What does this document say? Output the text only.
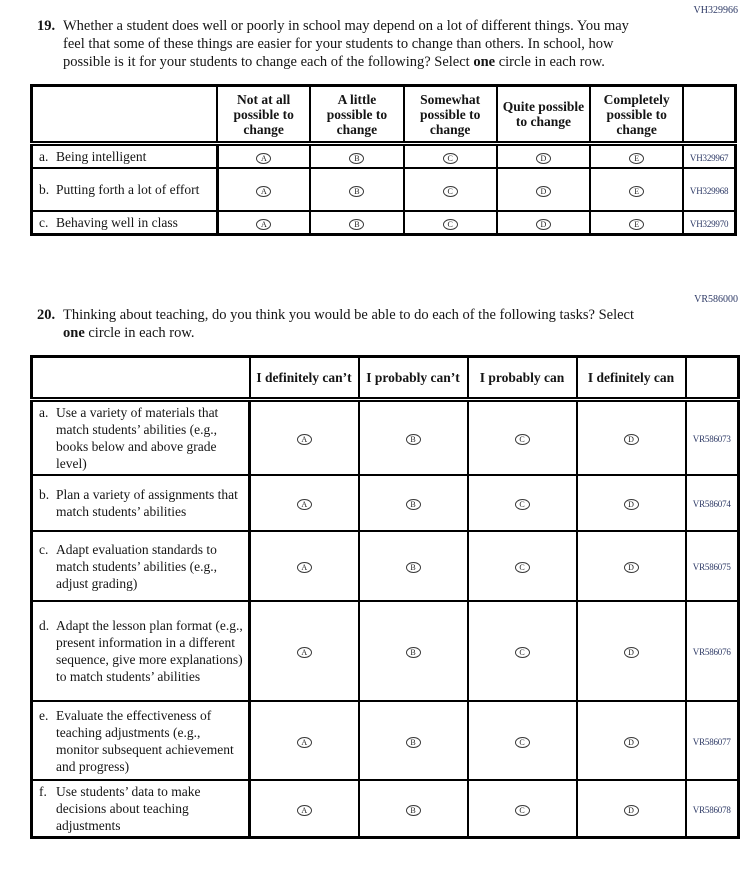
VH329966
19. Whether a student does well or poorly in school may depend on a lot of different things. You may feel that some of these things are easier for your students to change than others. In school, how possible is it for your students to change each of the following? Select one circle in each row.
	Not at all possible to change	A little possible to change	Somewhat possible to change	Quite possible to change	Completely possible to change	

a. Being intelligent	A	B	C	D	E	VH329967

b. Putting forth a lot of effort	A	B	C	D	E	VH329968

c. Behaving well in class	A	B	C	D	E	VH329970
VR586000
20. Thinking about teaching, do you think you would be able to do each of the following tasks? Select one circle in each row.
	I definitely can’t	I probably can’t	I probably can	I definitely can	

a. Use a variety of materials that match students’ abilities (e.g., books below and above grade level)	A	B	C	D	VR586073

b. Plan a variety of assignments that match students’ abilities	A	B	C	D	VR586074

c. Adapt evaluation standards to match students’ abilities (e.g., adjust grading)	A	B	C	D	VR586075

d. Adapt the lesson plan format (e.g., present information in a different sequence, give more explanations) to match students’ abilities	A	B	C	D	VR586076

e. Evaluate the effectiveness of teaching adjustments (e.g., monitor subsequent achievement and progress)	A	B	C	D	VR586077

f. Use students’ data to make decisions about teaching adjustments	A	B	C	D	VR586078
